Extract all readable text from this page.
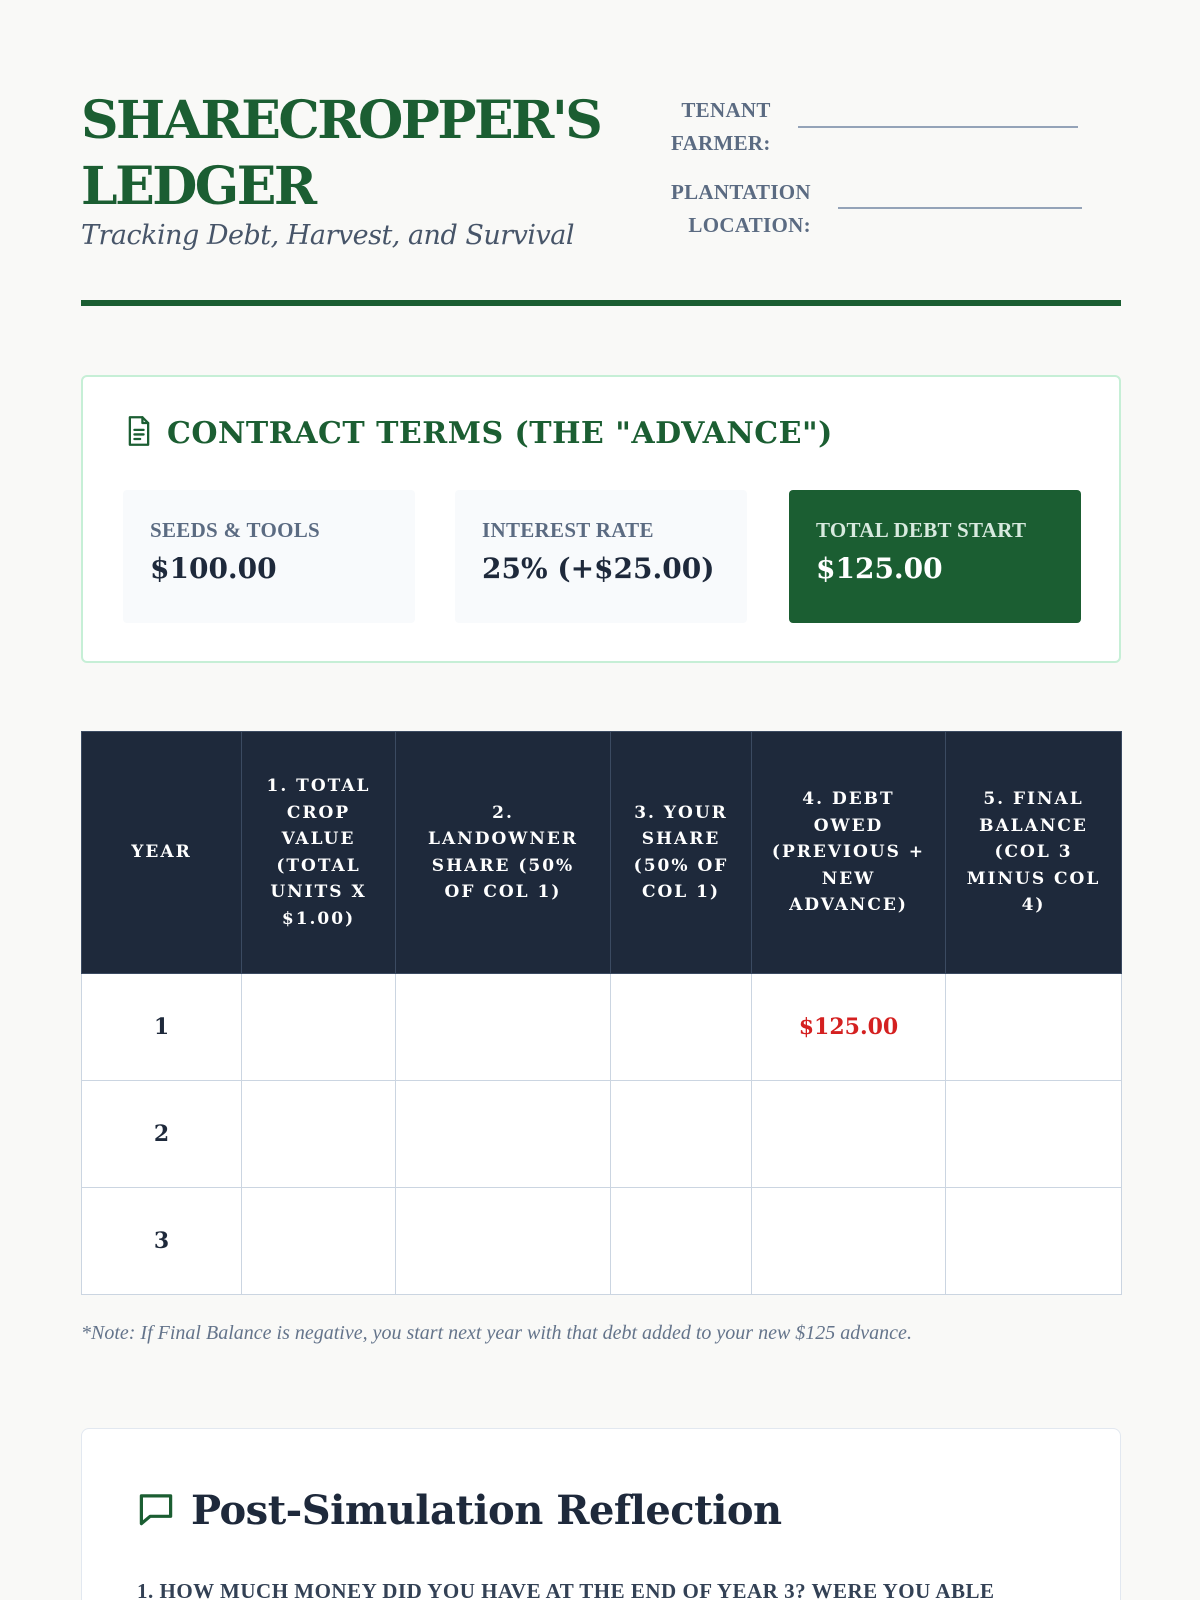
SHARECROPPER'S LEDGER
Tracking Debt, Harvest, and Survival
TENANT
FARMER:
PLANTATION
LOCATION:
CONTRACT TERMS (THE "ADVANCE")
SEEDS & TOOLS
$100.00
INTEREST RATE
25% (+$25.00)
TOTAL DEBT START
$125.00
YEAR	1. TOTAL CROP VALUE (TOTAL UNITS X $1.00)	2. LANDOWNER SHARE (50% OF COL 1)	3. YOUR SHARE (50% OF COL 1)	4. DEBT OWED (PREVIOUS + NEW ADVANCE)	5. FINAL BALANCE (COL 3 MINUS COL 4)
1				$125.00	
2					
3					
*Note: If Final Balance is negative, you start next year with that debt added to your new $125 advance.
Post-Simulation Reflection
1. HOW MUCH MONEY DID YOU HAVE AT THE END OF YEAR 3? WERE YOU ABLE
